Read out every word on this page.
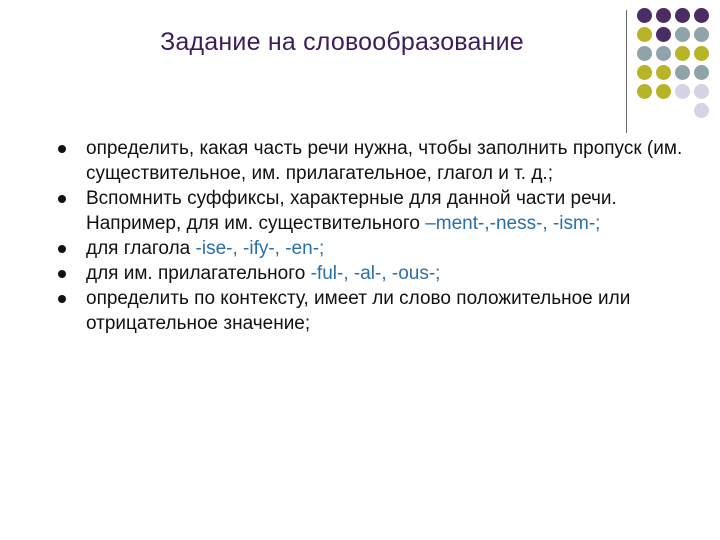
Задание на словообразование
определить, какая часть речи нужна, чтобы заполнить пропуск (им. существительное, им. прилагательное, глагол и т. д.;
Вспомнить суффиксы, характерные для данной части речи. Например, для им. существительного –ment-,-ness-, -ism-;
для глагола -ise-, -ify-, -en-;
для им. прилагательного -ful-, -al-, -ous-;
определить по контексту, имеет ли слово положительное или отрицательное значение;
